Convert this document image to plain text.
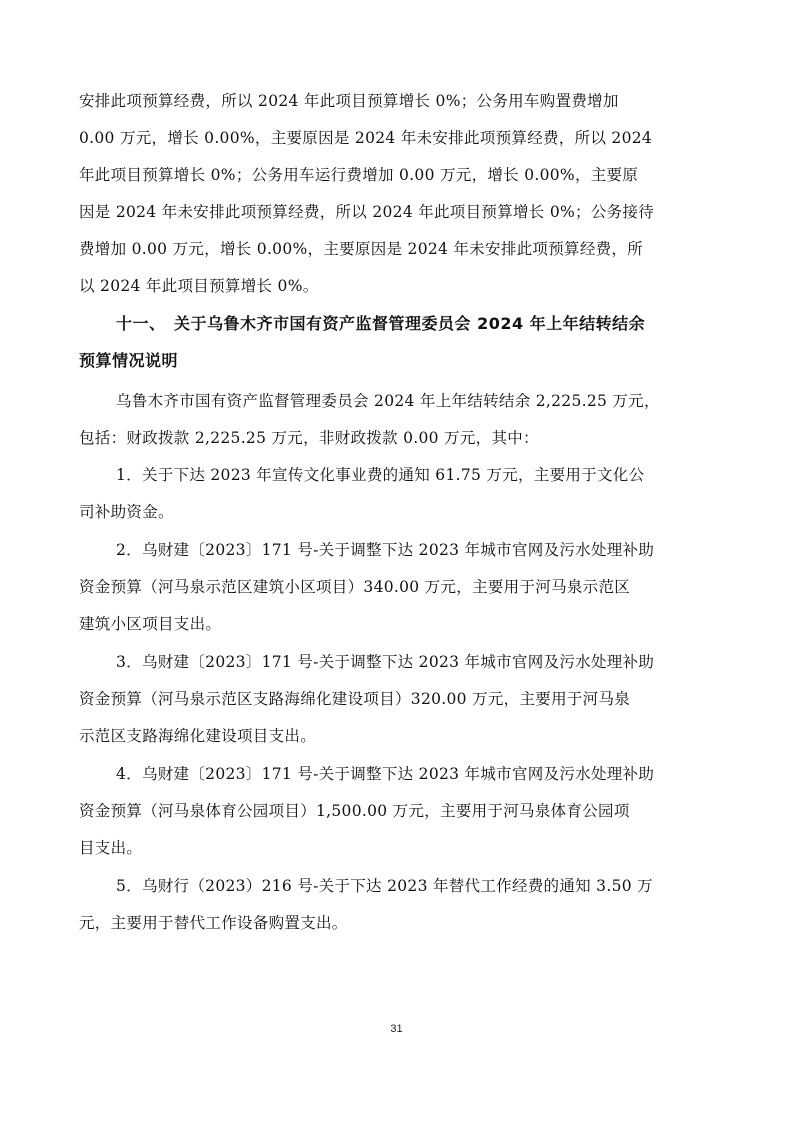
安排此项预算经费，所以 2024 年此项目预算增长 0%；公务用车购置费增加
0.00 万元，增长 0.00%，主要原因是 2024 年未安排此项预算经费，所以 2024
年此项目预算增长 0%；公务用车运行费增加 0.00 万元，增长 0.00%，主要原
因是 2024 年未安排此项预算经费，所以 2024 年此项目预算增长 0%；公务接待
费增加 0.00 万元，增长 0.00%，主要原因是 2024 年未安排此项预算经费，所
以 2024 年此项目预算增长 0%。
十一、　关于乌鲁木齐市国有资产监督管理委员会 2024 年上年结转结余
预算情况说明
乌鲁木齐市国有资产监督管理委员会 2024 年上年结转结余 2,225.25 万元，
包括：财政拨款 2,225.25 万元，非财政拨款 0.00 万元，其中：
1．关于下达 2023 年宣传文化事业费的通知 61.75 万元，主要用于文化公
司补助资金。
2．乌财建〔2023〕171 号-关于调整下达 2023 年城市官网及污水处理补助
资金预算（河马泉示范区建筑小区项目）340.00 万元，主要用于河马泉示范区
建筑小区项目支出。
3．乌财建〔2023〕171 号-关于调整下达 2023 年城市官网及污水处理补助
资金预算（河马泉示范区支路海绵化建设项目）320.00 万元，主要用于河马泉
示范区支路海绵化建设项目支出。
4．乌财建〔2023〕171 号-关于调整下达 2023 年城市官网及污水处理补助
资金预算（河马泉体育公园项目）1,500.00 万元，主要用于河马泉体育公园项
目支出。
5．乌财行（2023）216 号-关于下达 2023 年替代工作经费的通知 3.50 万
元，主要用于替代工作设备购置支出。
31
